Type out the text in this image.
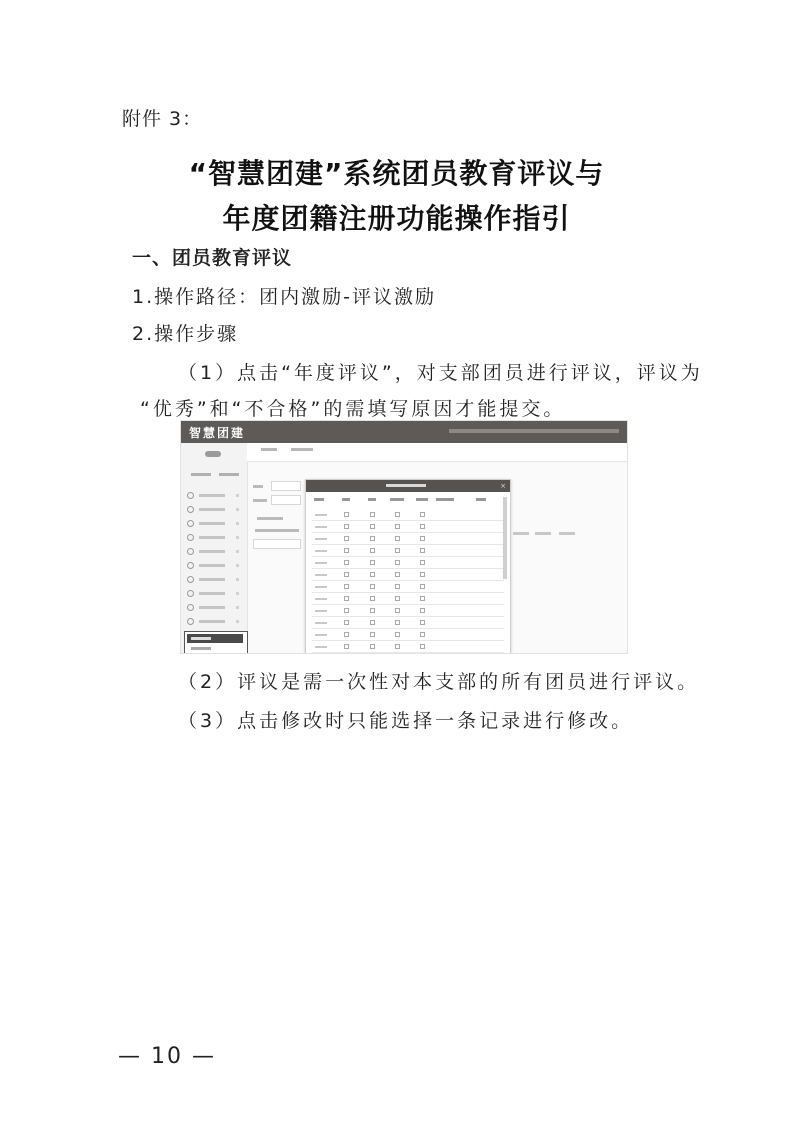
附件 3：
“智慧团建”系统团员教育评议与
年度团籍注册功能操作指引
一、团员教育评议
1.操作路径：团内激励-评议激励
2.操作步骤
（1）点击“年度评议”，对支部团员进行评议，评议为
“优秀”和“不合格”的需填写原因才能提交。
智慧团建
×
（2）评议是需一次性对本支部的所有团员进行评议。
（3）点击修改时只能选择一条记录进行修改。
— 10 —
